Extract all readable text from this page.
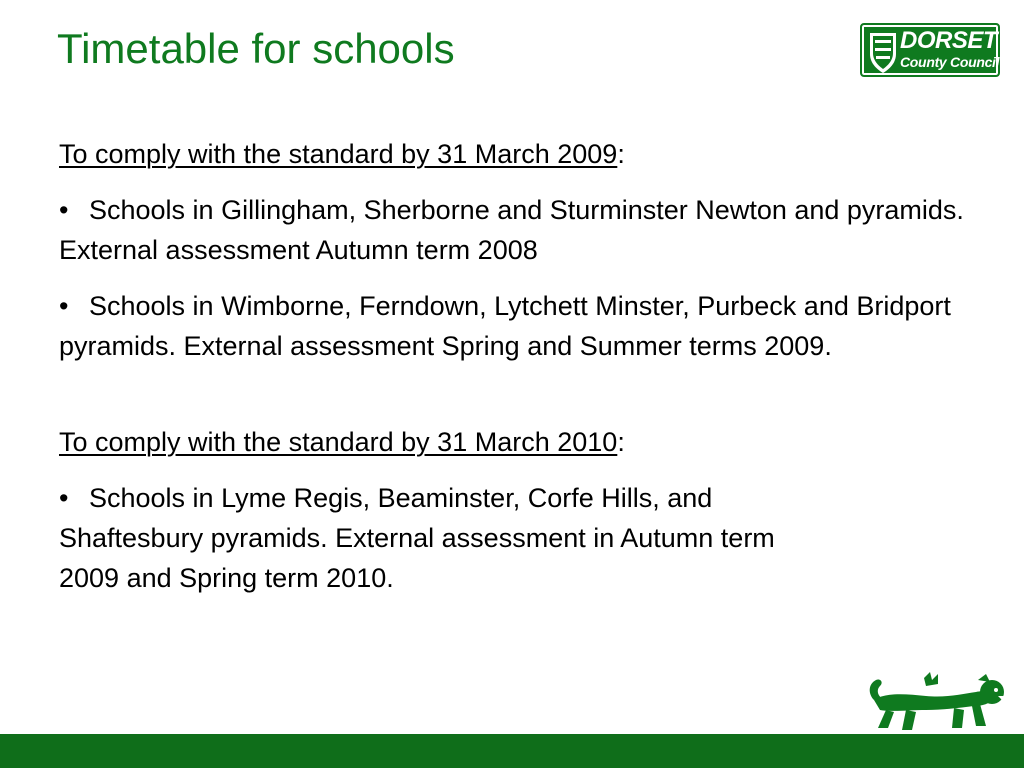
Timetable for schools	DORSET
County Council

To comply with the standard by 31 March 2009:

• Schools in Gillingham, Sherborne and Sturminster Newton and pyramids. External assessment Autumn term 2008

• Schools in Wimborne, Ferndown, Lytchett Minster, Purbeck and Bridport pyramids. External assessment Spring and Summer terms 2009.

To comply with the standard by 31 March 2010:

• Schools in Lyme Regis, Beaminster, Corfe Hills, and Shaftesbury pyramids. External assessment in Autumn term 2009 and Spring term 2010.
